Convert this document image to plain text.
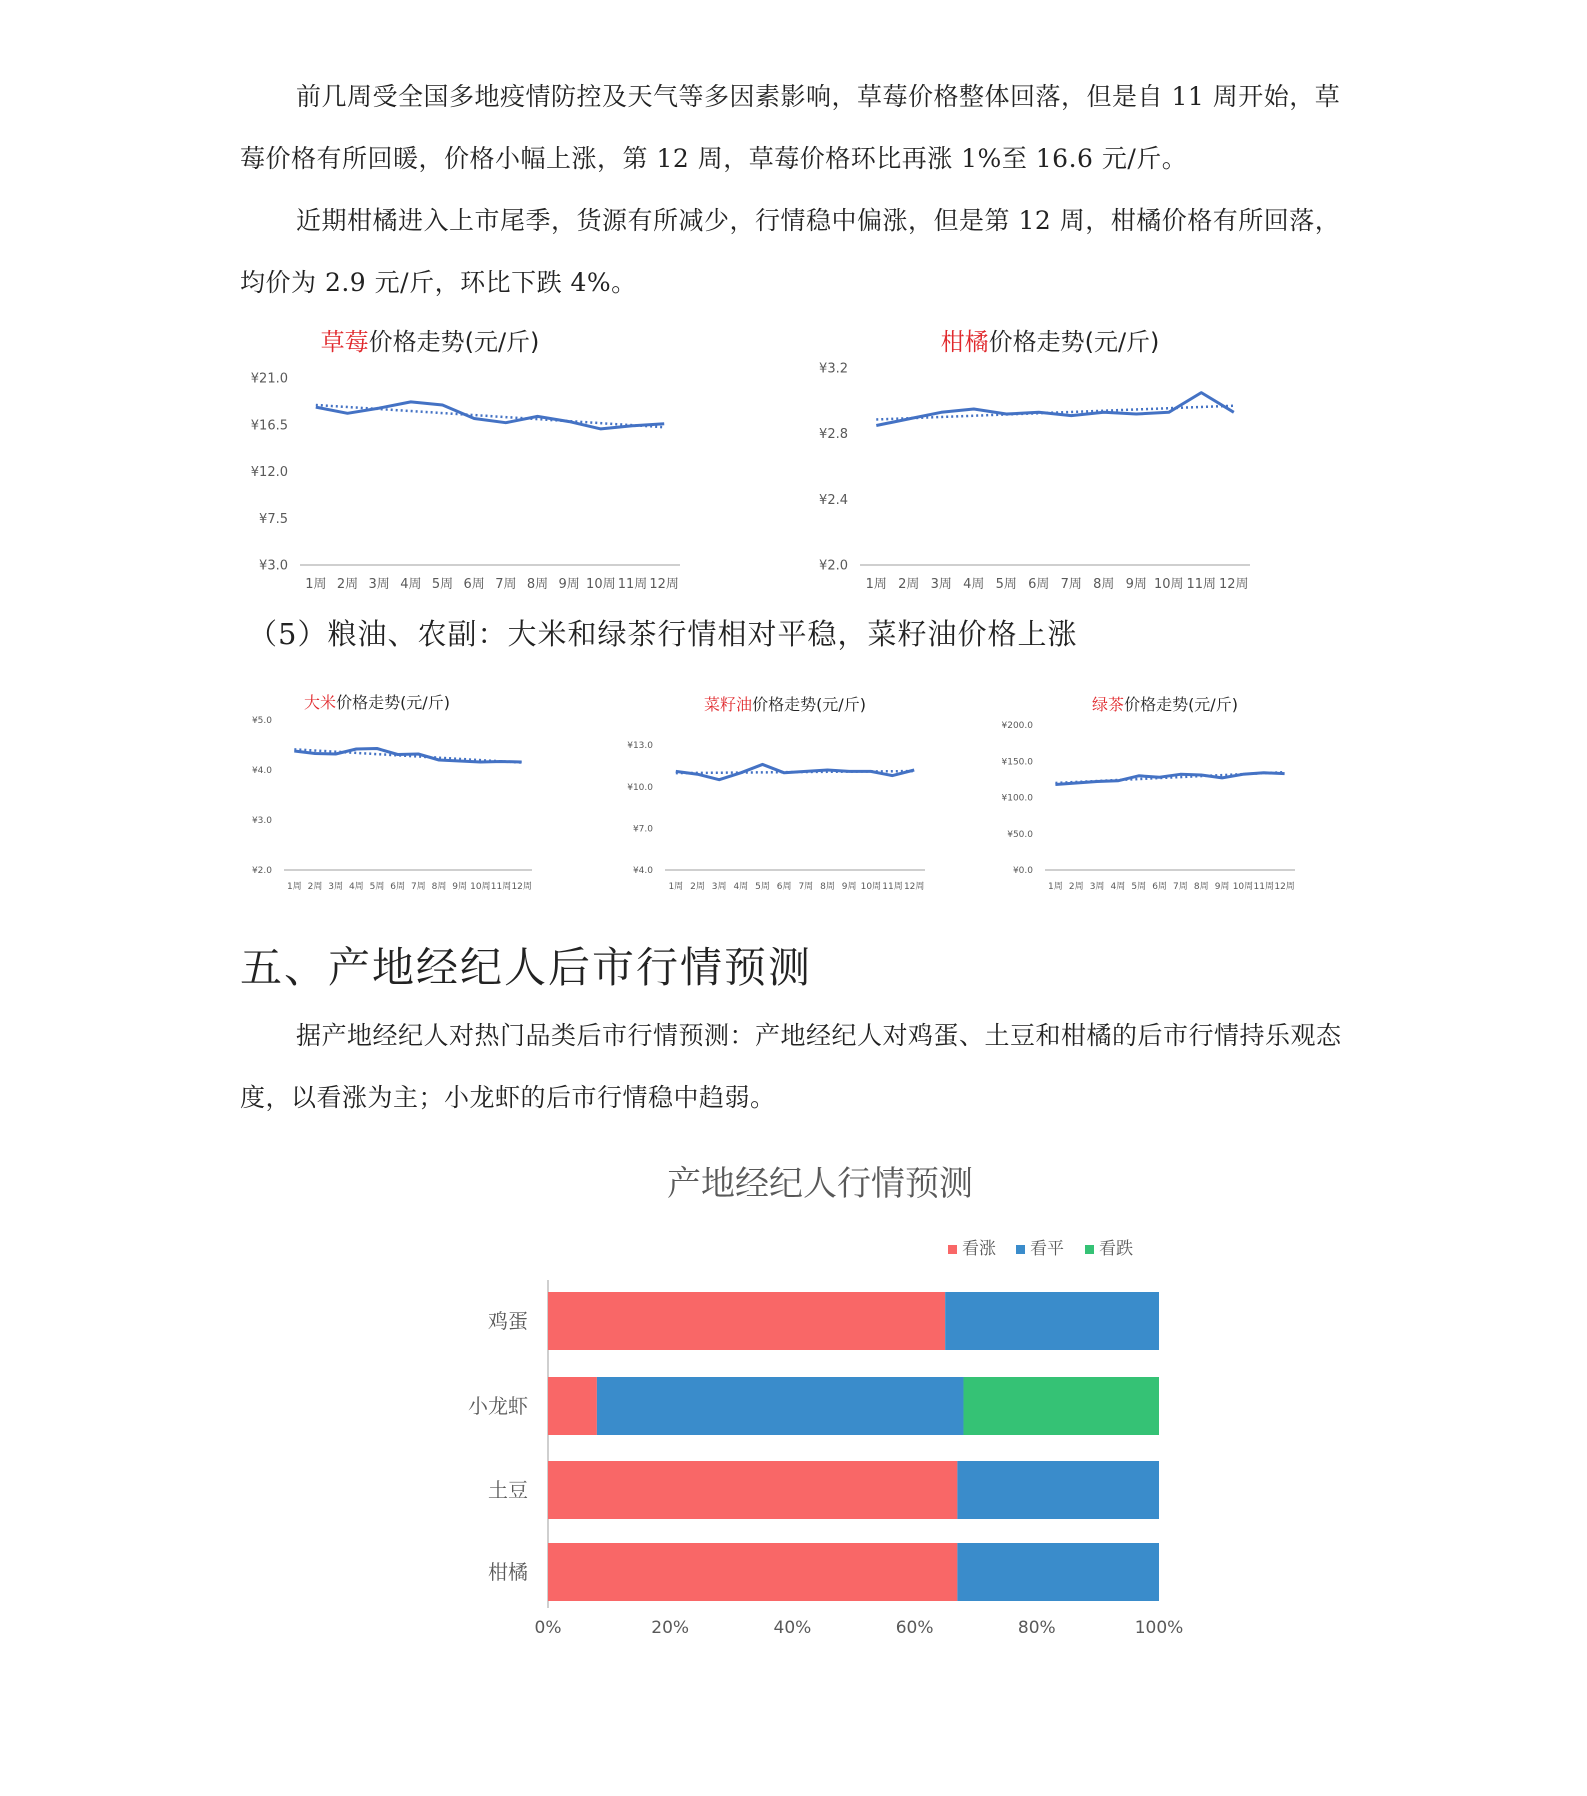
前几周受全国多地疫情防控及天气等多因素影响，草莓价格整体回落，但是自 11 周开始，草莓价格有所回暖，价格小幅上涨，第 12 周，草莓价格环比再涨 1%至 16.6 元/斤。

近期柑橘进入上市尾季，货源有所减少，行情稳中偏涨，但是第 12 周，柑橘价格有所回落，均价为 2.9 元/斤，环比下跌 4%。

草莓价格走势(元/斤)
¥21.0
¥16.5
¥12.0
¥7.5
¥3.0
1周 2周 3周 4周 5周 6周 7周 8周 9周 10周 11周 12周
柑橘价格走势(元/斤)
¥3.2
¥2.8
¥2.4
¥2.0
1周 2周 3周 4周 5周 6周 7周 8周 9周 10周 11周 12周

（5）粮油、农副：大米和绿茶行情相对平稳，菜籽油价格上涨

大米价格走势(元/斤)
¥5.0
¥4.0
¥3.0
¥2.0
1周 2周 3周 4周 5周 6周 7周 8周 9周 10周 11周 12周
菜籽油价格走势(元/斤)
¥13.0
¥10.0
¥7.0
¥4.0
1周 2周 3周 4周 5周 6周 7周 8周 9周 10周 11周 12周
绿茶价格走势(元/斤)
¥200.0
¥150.0
¥100.0
¥50.0
¥0.0
1周 2周 3周 4周 5周 6周 7周 8周 9周 10周 11周 12周
五、产地经纪人后市行情预测

据产地经纪人对热门品类后市行情预测：产地经纪人对鸡蛋、土豆和柑橘的后市行情持乐观态度，以看涨为主；小龙虾的后市行情稳中趋弱。

产地经纪人行情预测
看涨 看平 看跌
鸡蛋
小龙虾
土豆
柑橘
0%	20%	40%	60%	80%	100%
